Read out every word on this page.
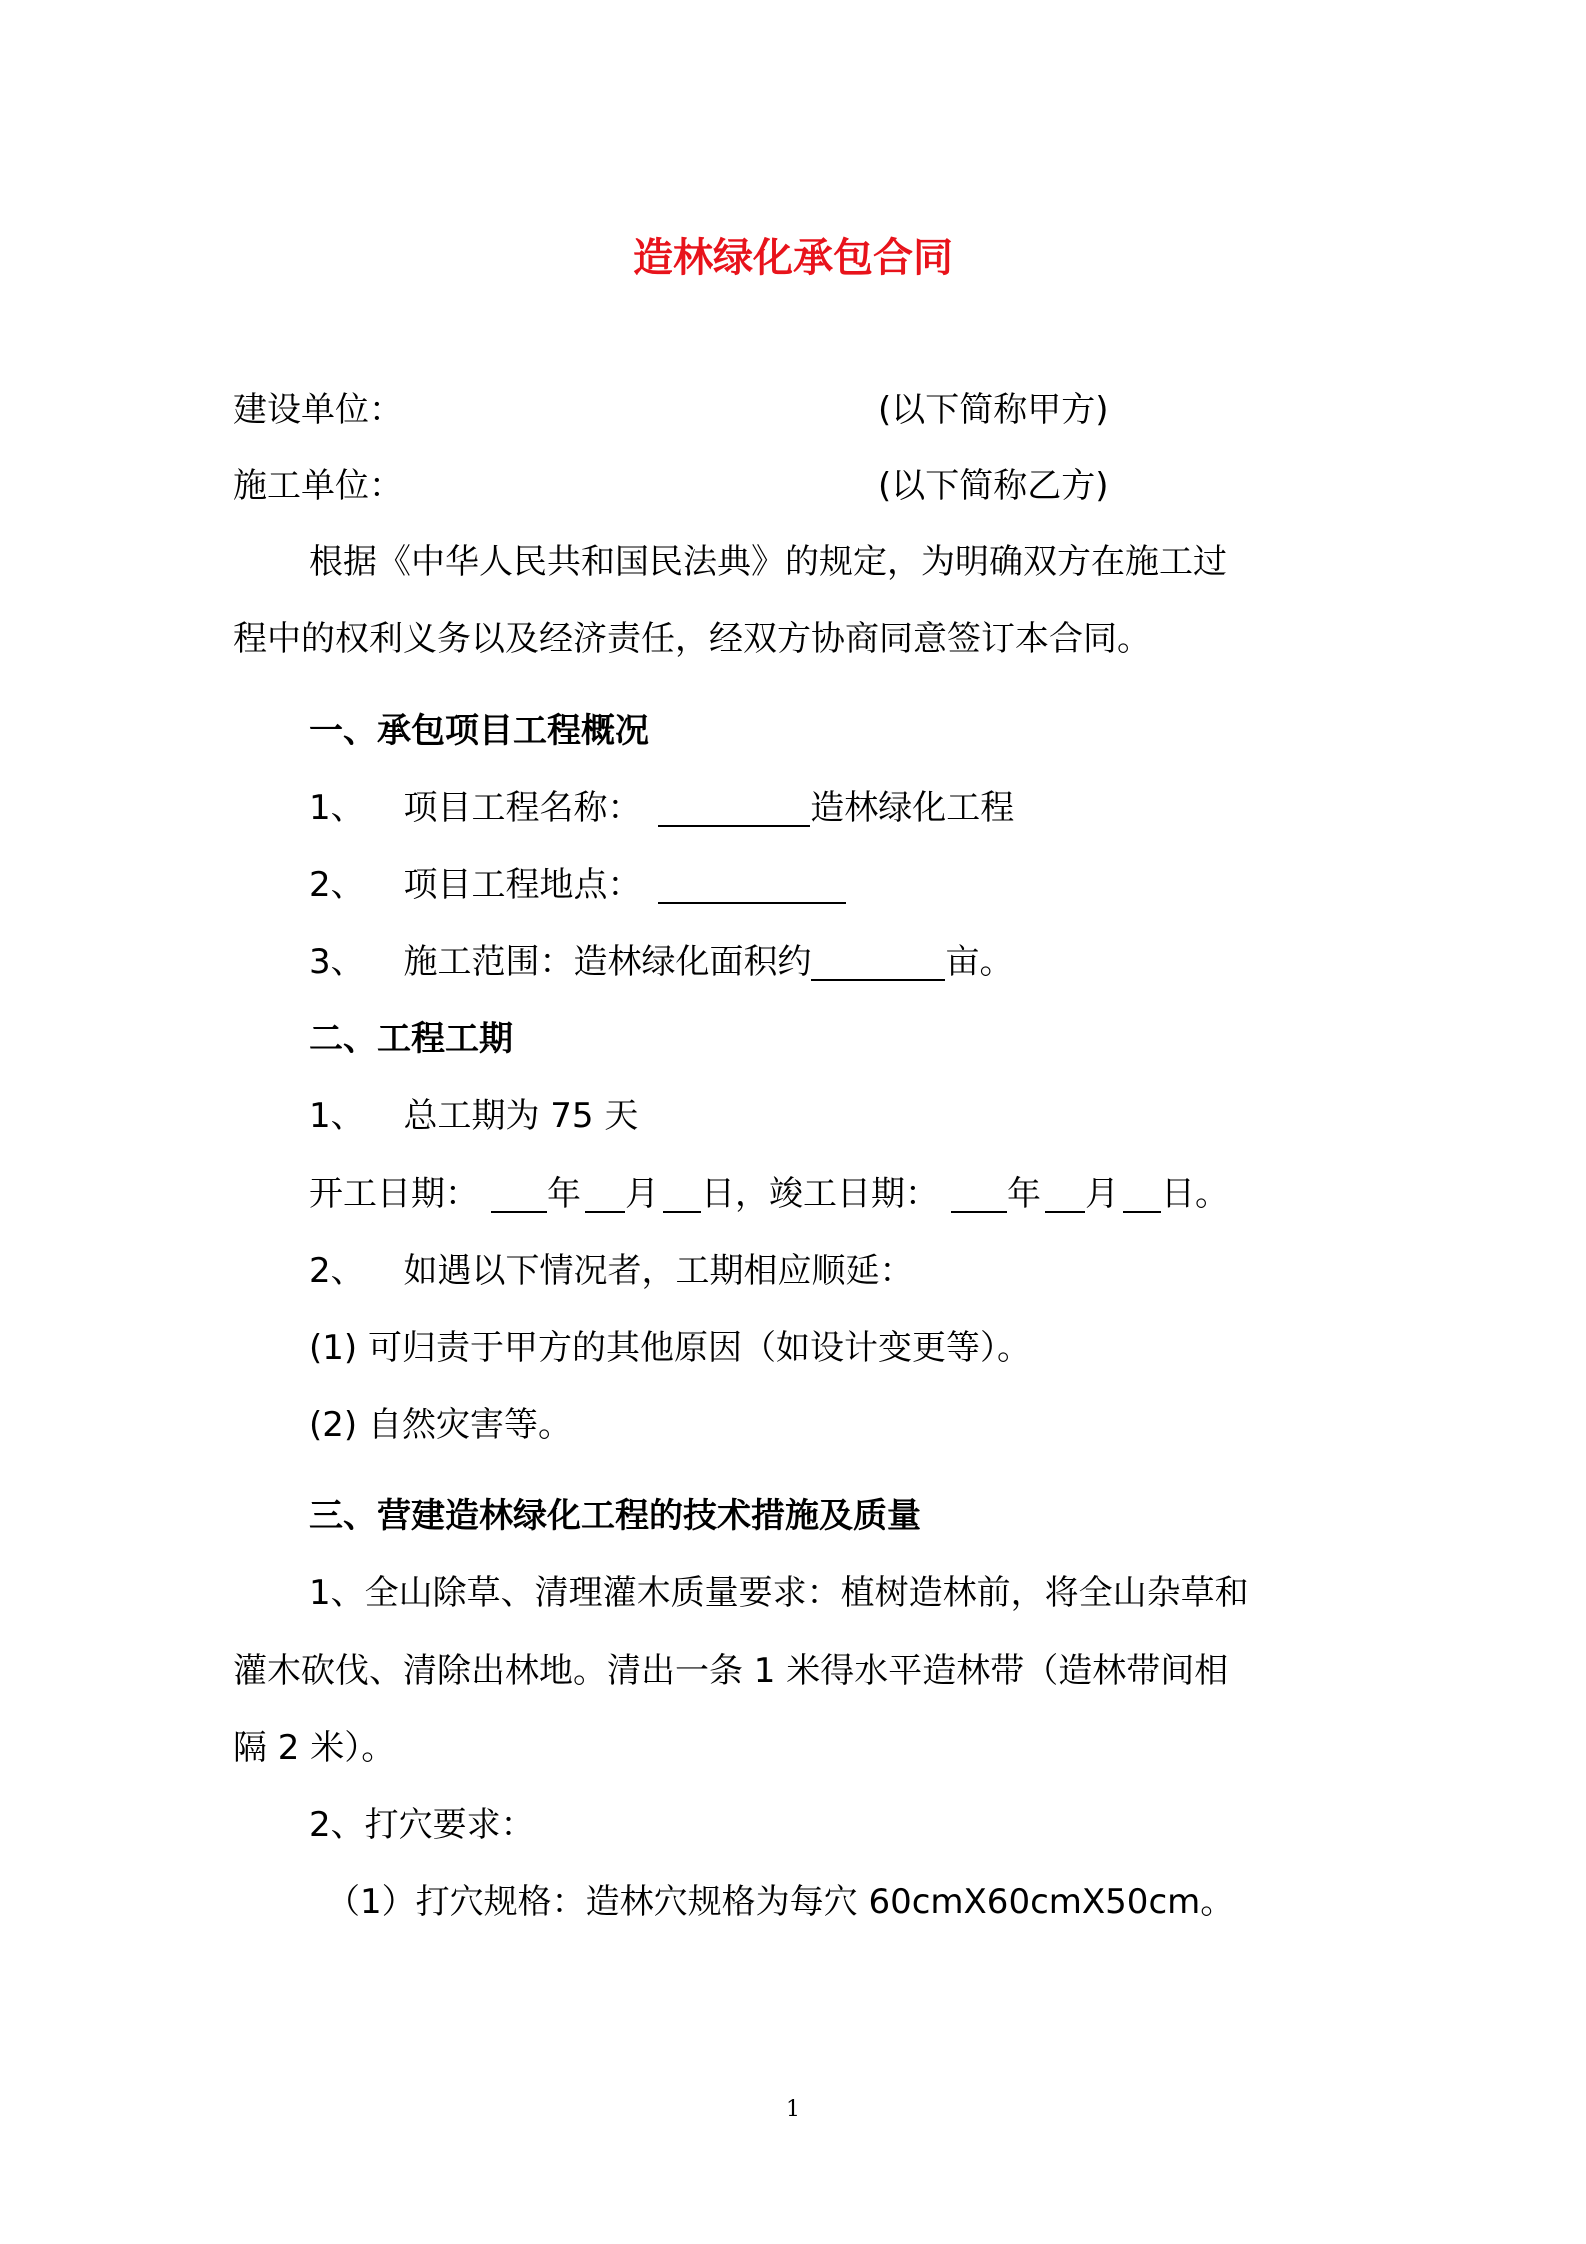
造林绿化承包合同
建设单位：	(以下简称甲方)
施工单位：	(以下简称乙方)
根据《中华人民共和国民法典》的规定，为明确双方在施工过
程中的权利义务以及经济责任，经双方协商同意签订本合同。
一、承包项目工程概况
1、 项目工程名称：	造林绿化工程
2、 项目工程地点：
3、 施工范围：造林绿化面积约	亩。
二、工程工期
1、 总工期为 75 天
开工日期： 年 月 日，竣工日期： 年 月 日。
2、 如遇以下情况者，工期相应顺延：
(1) 可归责于甲方的其他原因（如设计变更等）。
(2) 自然灾害等。
三、营建造林绿化工程的技术措施及质量
1、全山除草、清理灌木质量要求：植树造林前，将全山杂草和
灌木砍伐、清除出林地。清出一条 1 米得水平造林带（造林带间相
隔 2 米）。
2、打穴要求：
（1）打穴规格：造林穴规格为每穴 60cmX60cmX50cm。
1
